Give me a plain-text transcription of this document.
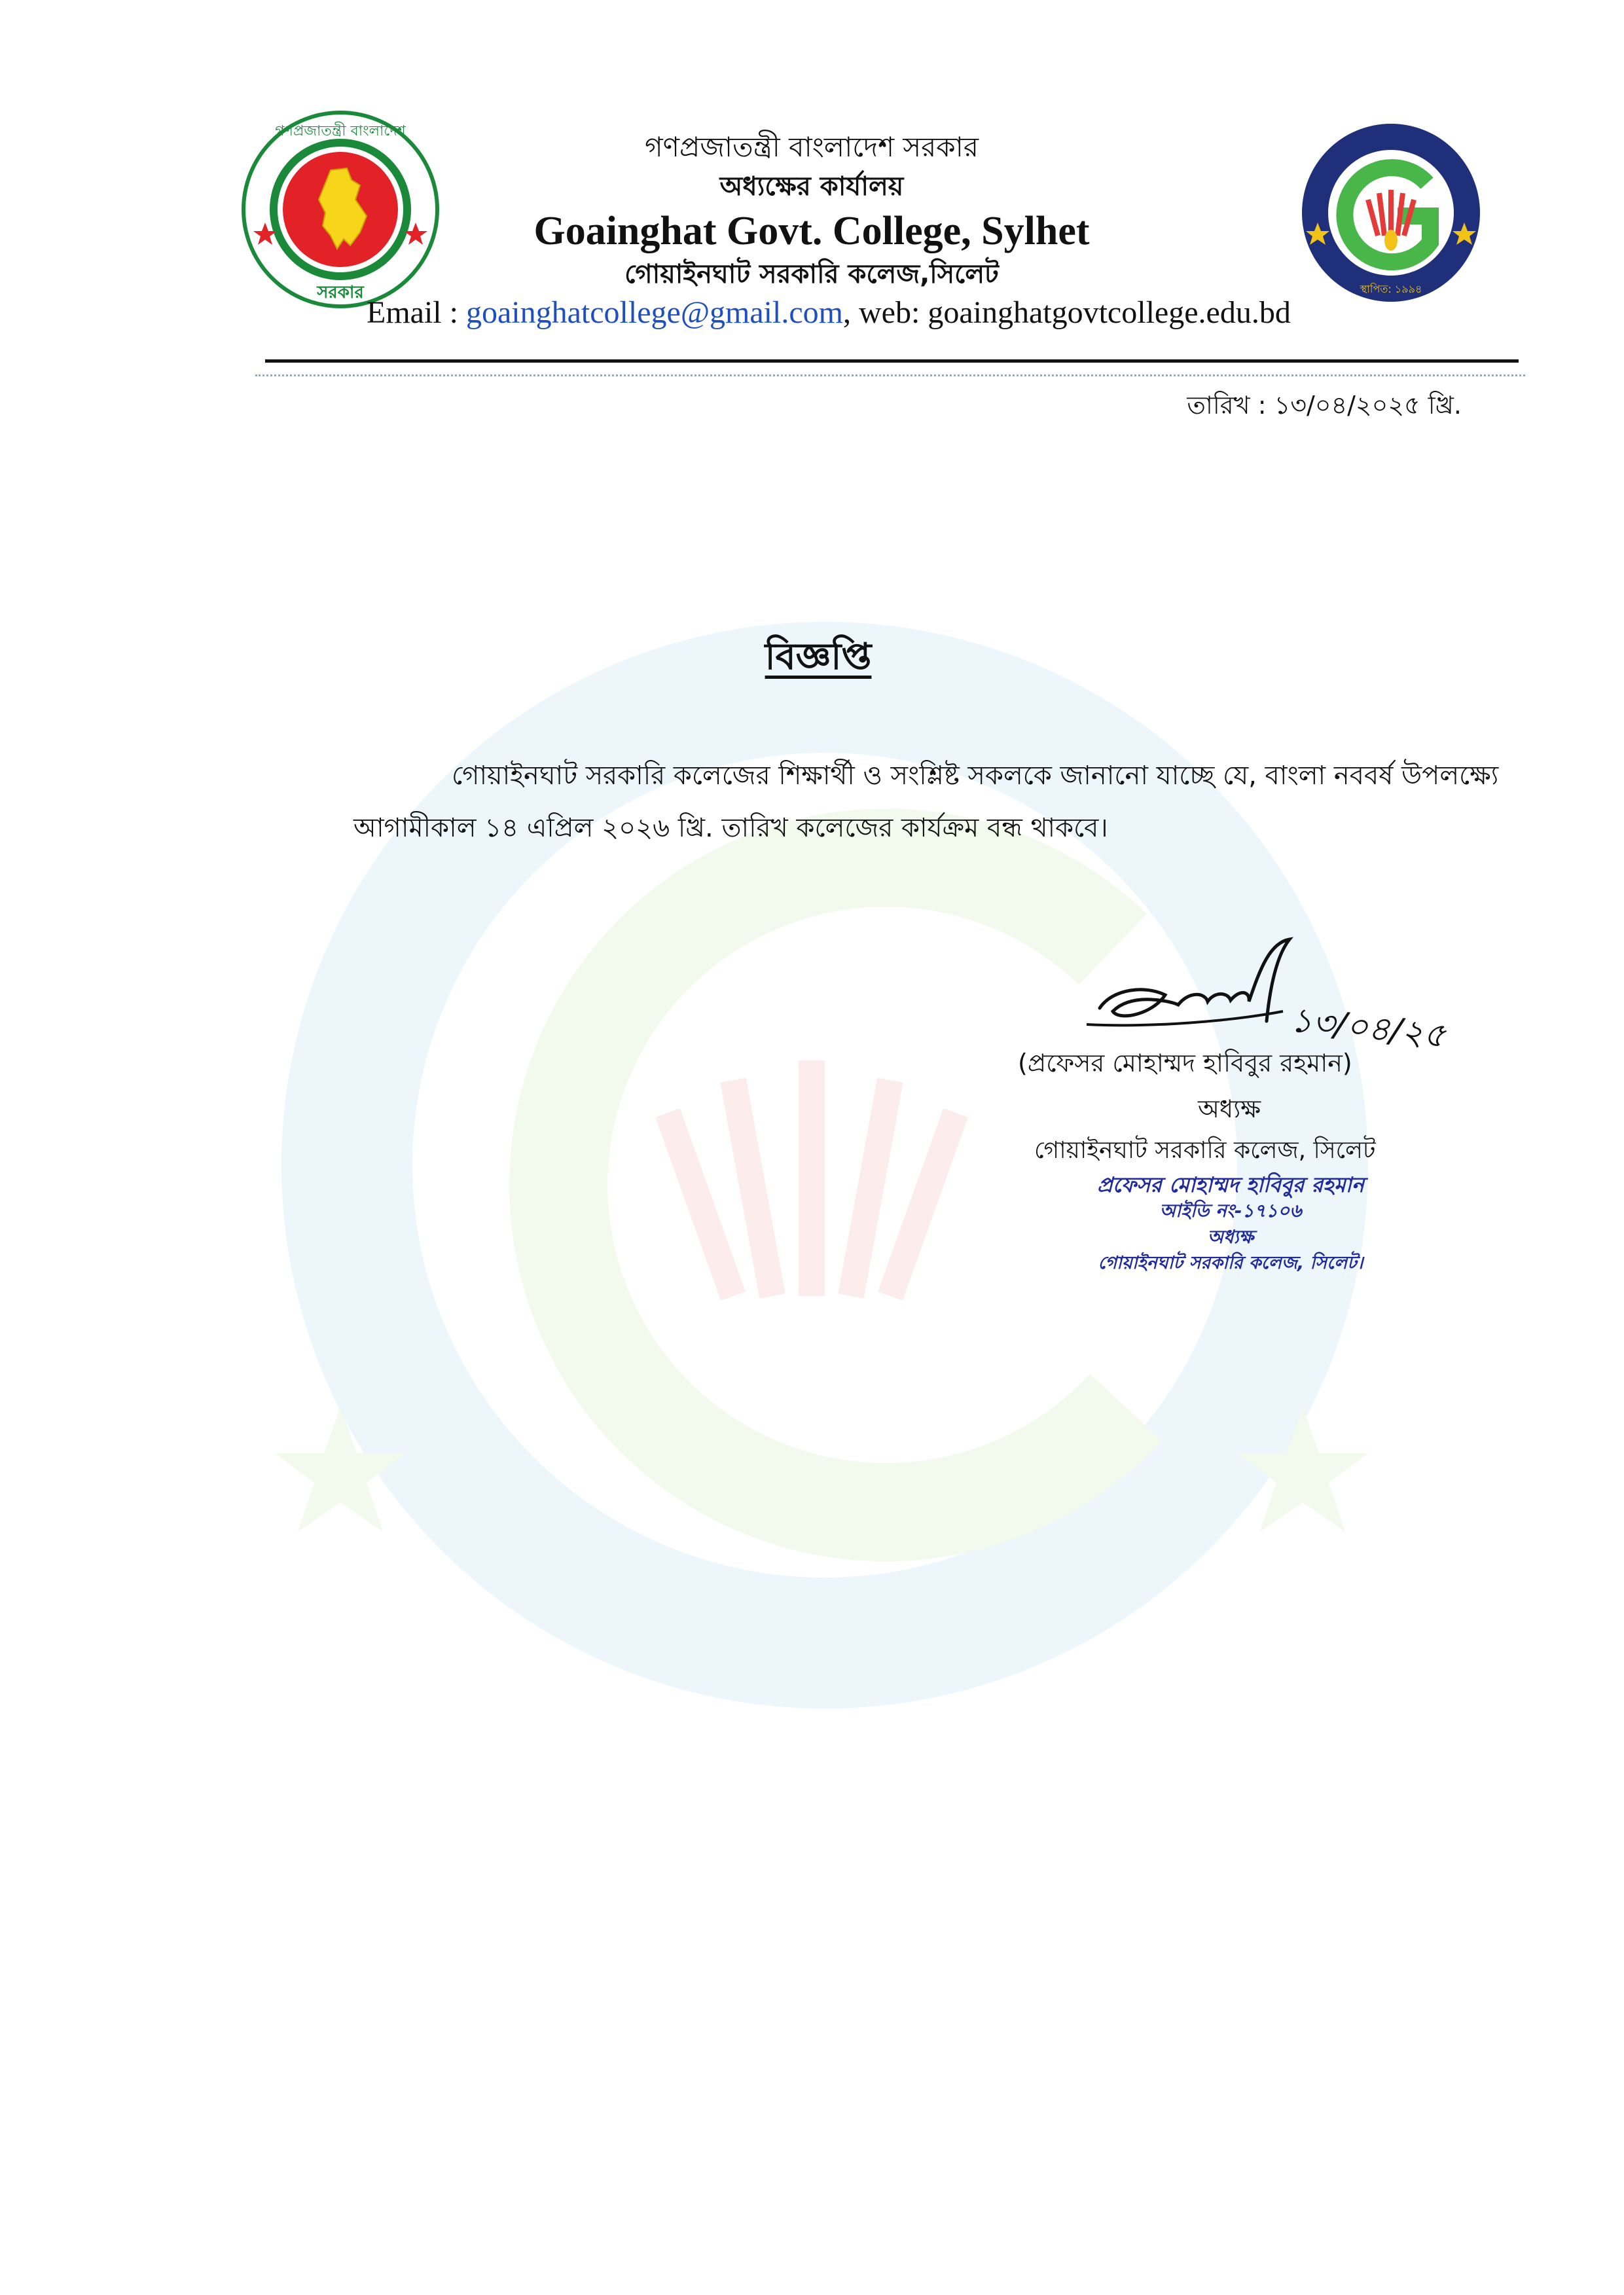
গণপ্রজাতন্ত্রী বাংলাদেশ
সরকার
গণপ্রজাতন্ত্রী বাংলাদেশ সরকার
অধ্যক্ষের কার্যালয়
Goainghat Govt. College, Sylhet
গোয়াইনঘাট সরকারি কলেজ,সিলেট	স্থাপিত: ১৯৯৪
Email : goainghatcollege@gmail.com, web: goainghatgovtcollege.edu.bd
তারিখ : ১৩/০৪/২০২৫ খ্রি.
বিজ্ঞপ্তি
গোয়াইনঘাট সরকারি কলেজের শিক্ষার্থী ও সংশ্লিষ্ট সকলকে জানানো যাচ্ছে যে, বাংলা নববর্ষ উপলক্ষ্যে
আগামীকাল ১৪ এপ্রিল ২০২৬ খ্রি. তারিখ কলেজের কার্যক্রম বন্ধ থাকবে।
১৩/০৪/২৫
(প্রফেসর মোহাম্মদ হাবিবুর রহমান)
অধ্যক্ষ
গোয়াইনঘাট সরকারি কলেজ, সিলেট
প্রফেসর মোহাম্মদ হাবিবুর রহমান
আইডি নং-১৭১০৬
অধ্যক্ষ
গোয়াইনঘাট সরকারি কলেজ, সিলেট।
